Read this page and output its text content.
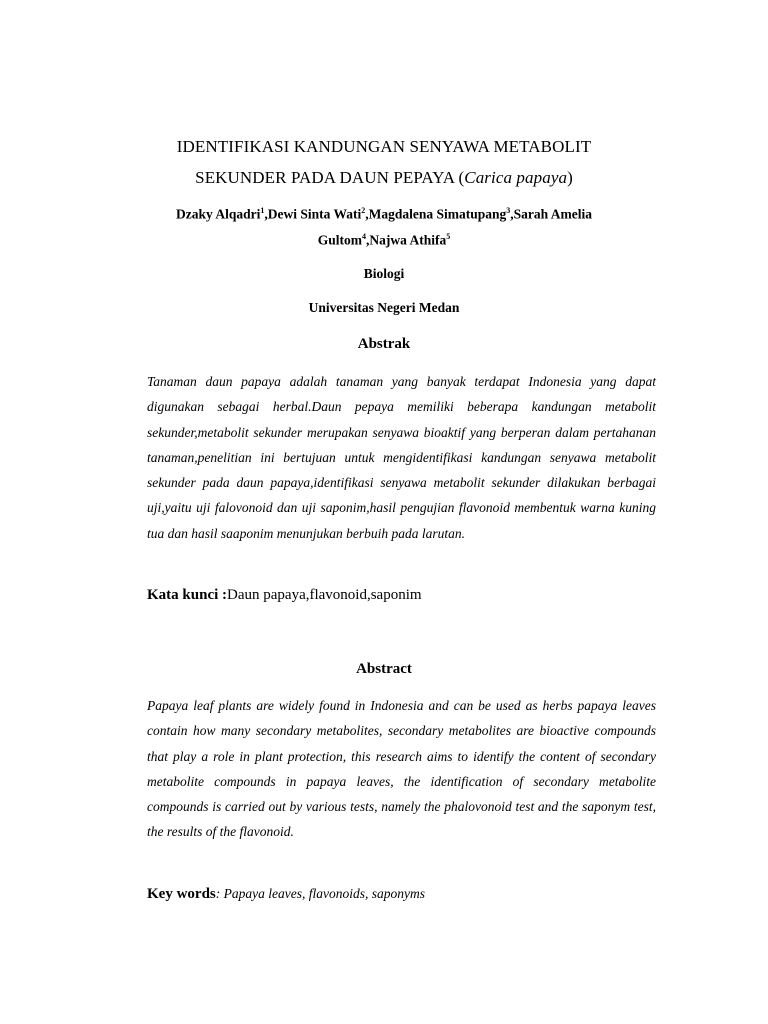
IDENTIFIKASI KANDUNGAN SENYAWA METABOLIT
SEKUNDER PADA DAUN PEPAYA (Carica papaya)
Dzaky Alqadri$^1$,Dewi Sinta Wati$^2$,Magdalena Simatupang$^3$,Sarah Amelia
Gultom$^4$,Najwa Athifa$^5$
Biologi
Universitas Negeri Medan
Abstrak
Tanaman daun papaya adalah tanaman yang banyak terdapat Indonesia yang dapat digunakan sebagai herbal.Daun pepaya memiliki beberapa kandungan metabolit sekunder,metabolit sekunder merupakan senyawa bioaktif yang berperan dalam pertahanan tanaman,penelitian ini bertujuan untuk mengidentifikasi kandungan senyawa metabolit sekunder pada daun papaya,identifikasi senyawa metabolit sekunder dilakukan berbagai uji,yaitu uji falovonoid dan uji saponim,hasil pengujian flavonoid membentuk warna kuning tua dan hasil saaponim menunjukan berbuih pada larutan.
Kata kunci :Daun papaya,flavonoid,saponim
Abstract
Papaya leaf plants are widely found in Indonesia and can be used as herbs papaya leaves contain how many secondary metabolites, secondary metabolites are bioactive compounds that play a role in plant protection, this research aims to identify the content of secondary metabolite compounds in papaya leaves, the identification of secondary metabolite compounds is carried out by various tests, namely the phalovonoid test and the saponym test, the results of the flavonoid.
Key words: Papaya leaves, flavonoids, saponyms
